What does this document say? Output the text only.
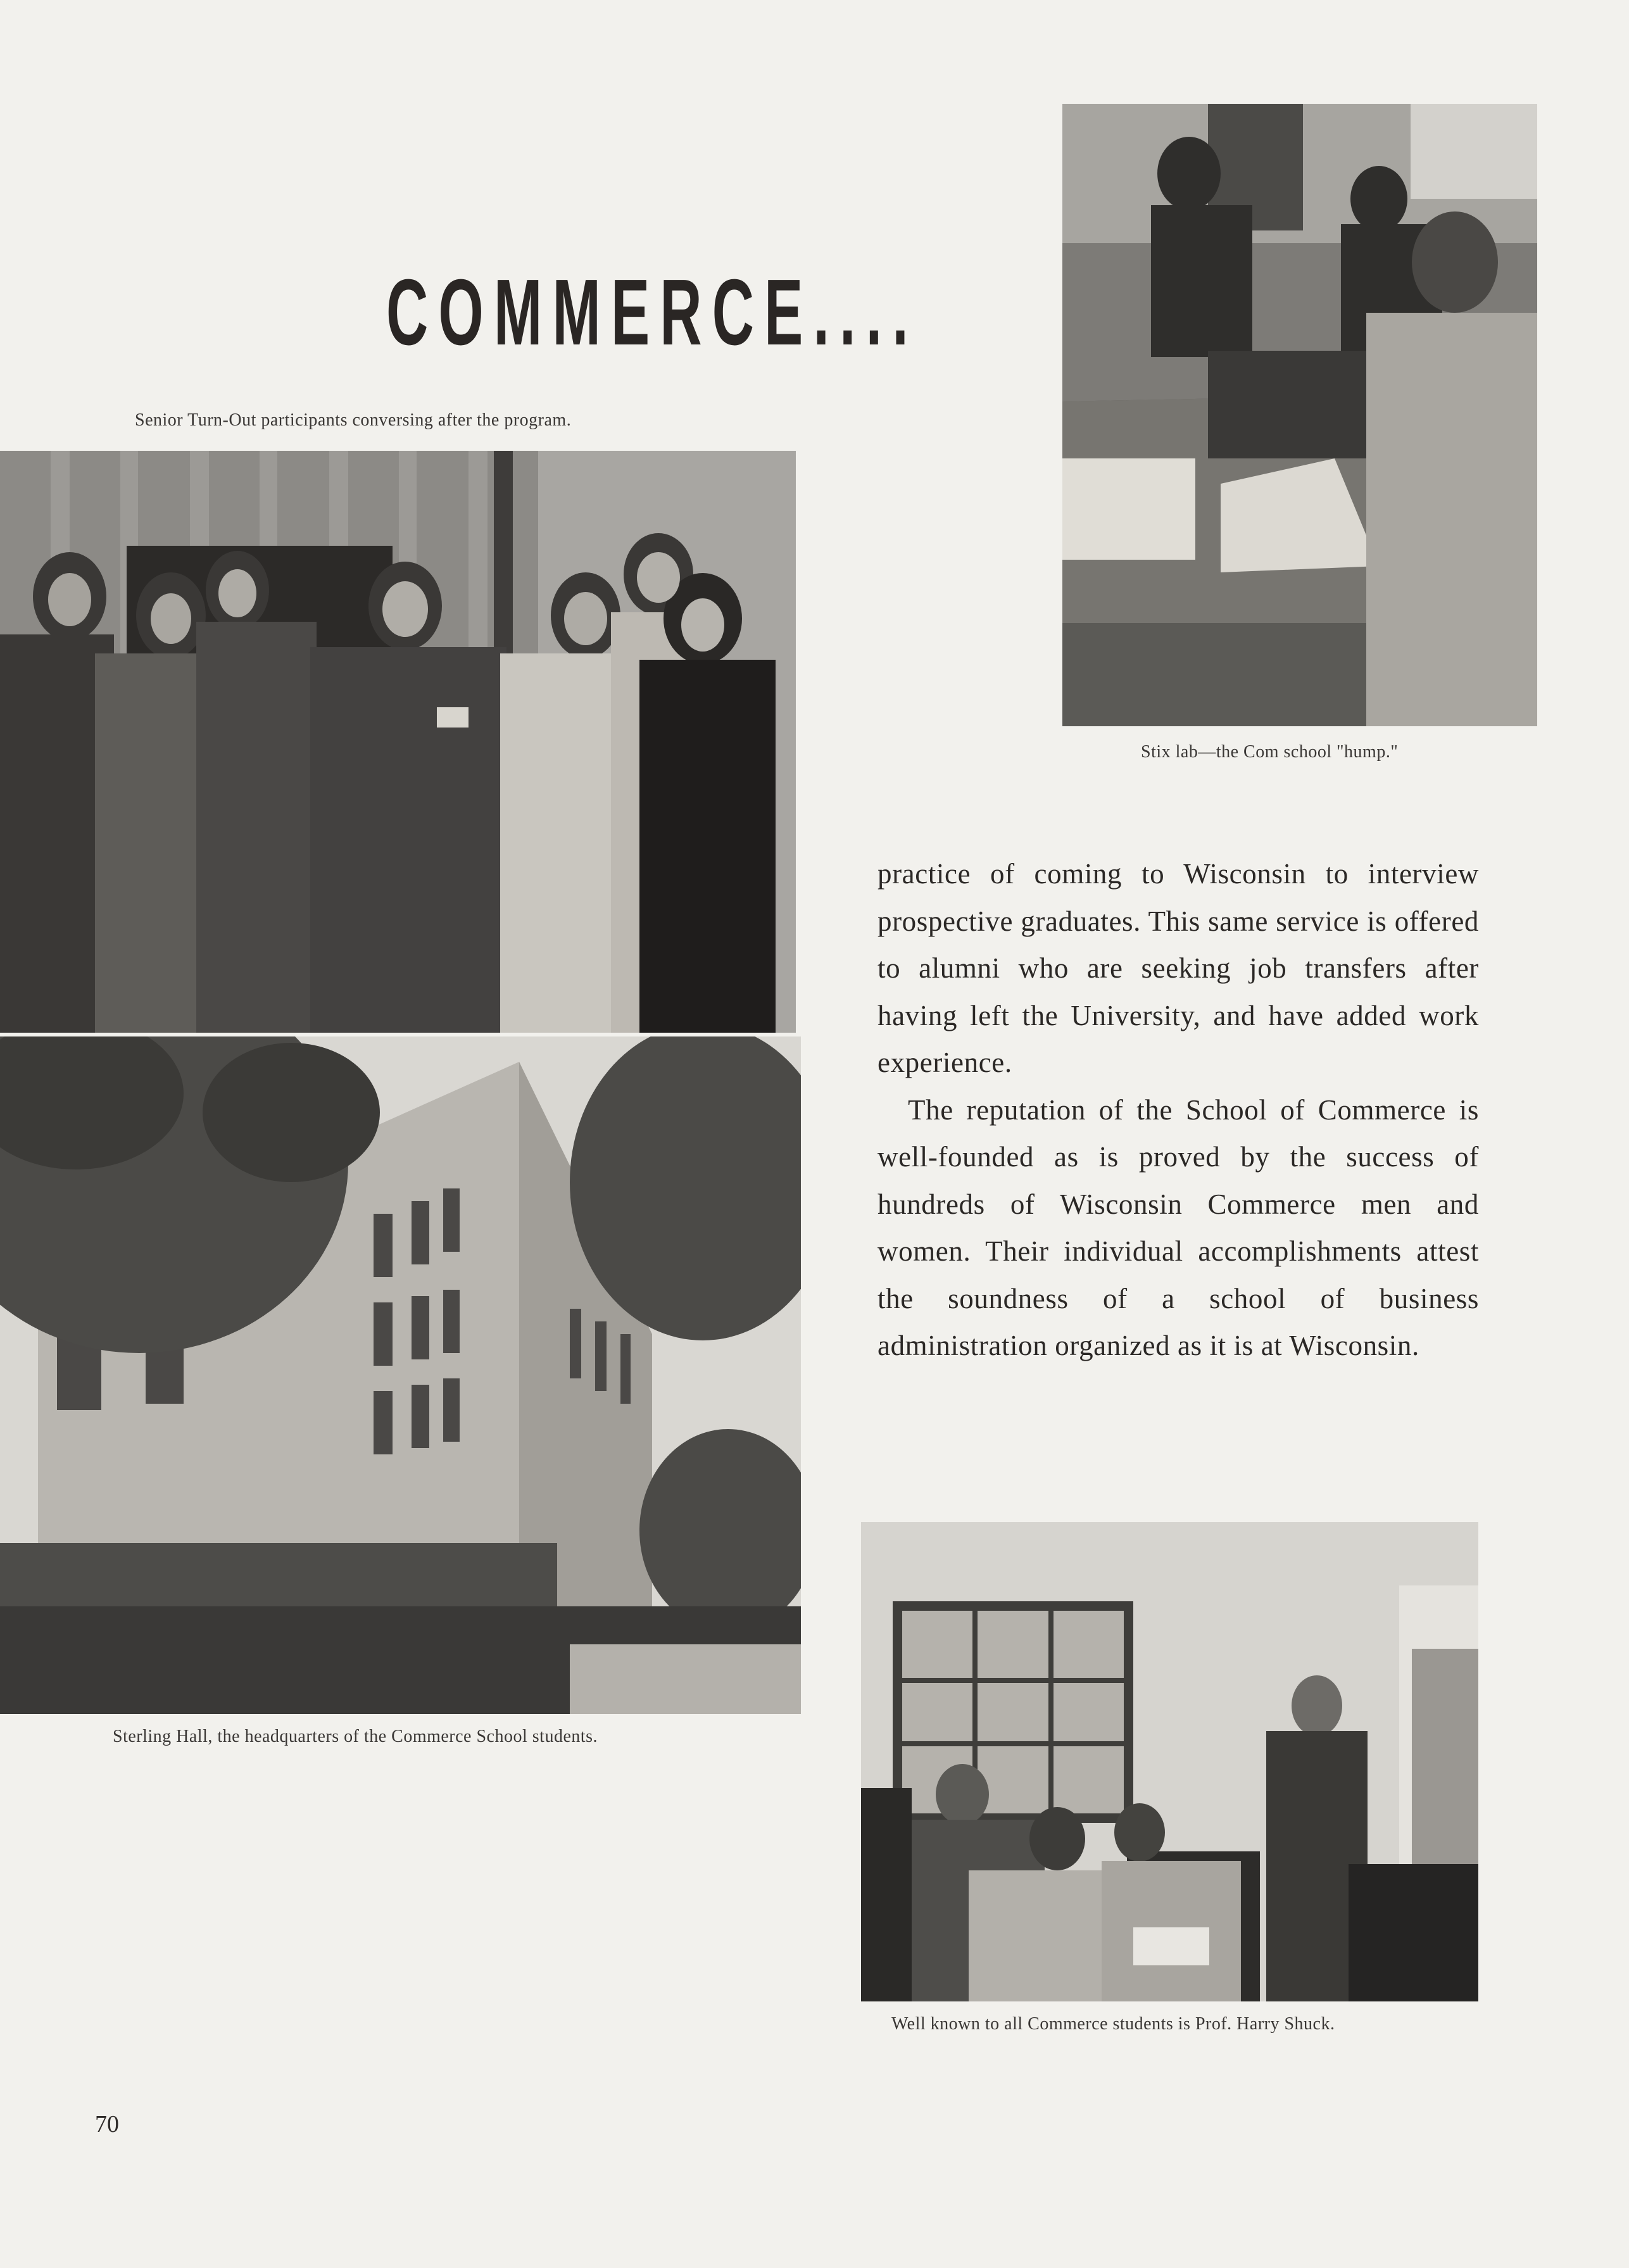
COMMERCE....
Senior Turn-Out participants conversing after the program.
Sterling Hall, the headquarters of the Commerce School students.
Stix lab—the Com school "hump."

practice of coming to Wisconsin to interview prospective graduates. This same service is offered to alumni who are seeking job transfers after having left the University, and have added work experience.

The reputation of the School of Commerce is well-founded as is proved by the success of hundreds of Wisconsin Commerce men and women. Their individual accomplishments attest the soundness of a school of business administration organized as it is at Wisconsin.

Well known to all Commerce students is Prof. Harry Shuck.
70
